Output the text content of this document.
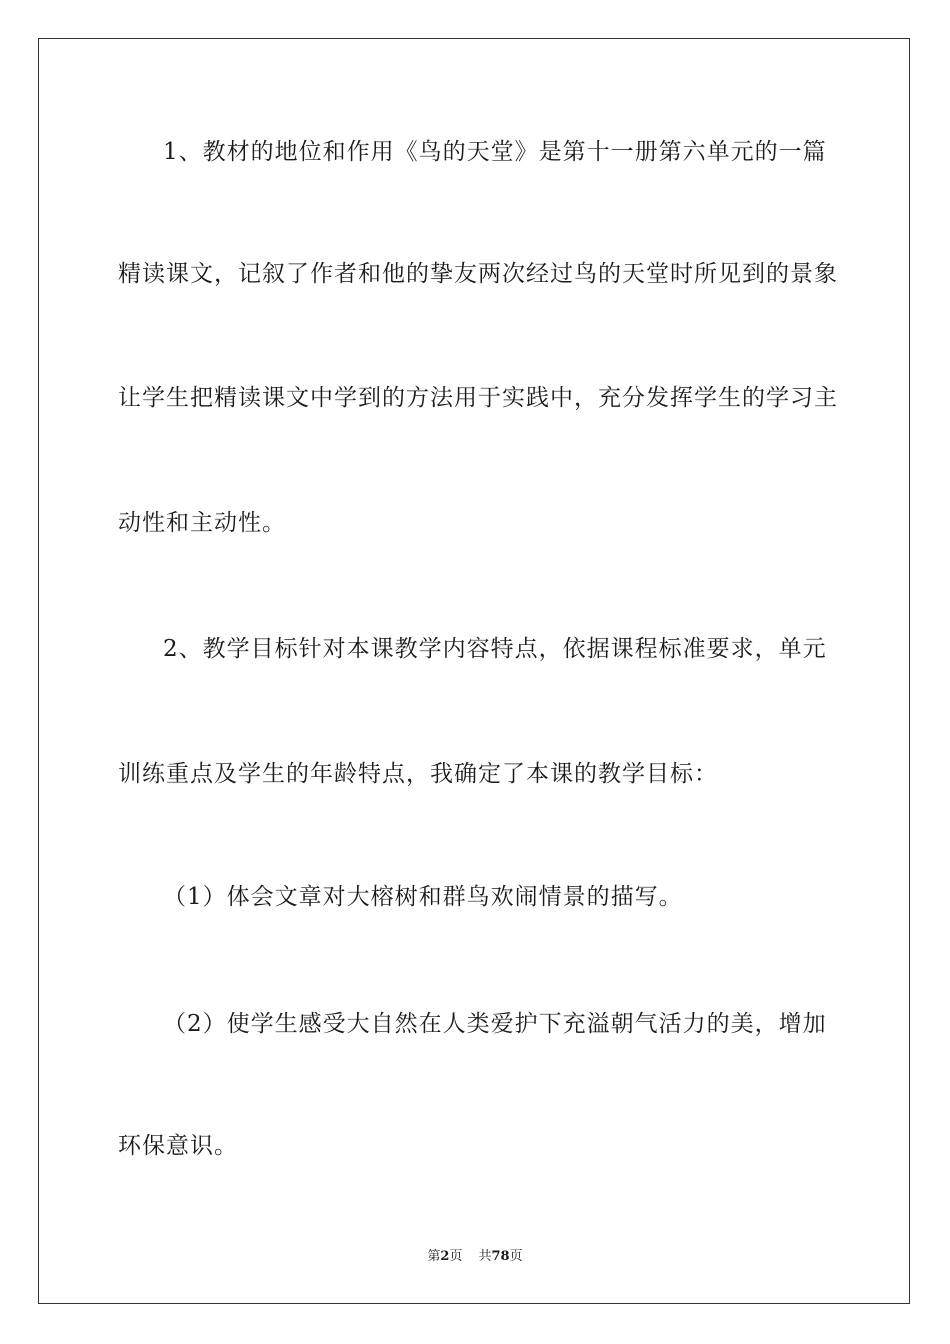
1、教材的地位和作用《鸟的天堂》是第十一册第六单元的一篇
精读课文，记叙了作者和他的挚友两次经过鸟的天堂时所见到的景象
让学生把精读课文中学到的方法用于实践中，充分发挥学生的学习主
动性和主动性。
2、教学目标针对本课教学内容特点，依据课程标准要求，单元
训练重点及学生的年龄特点，我确定了本课的教学目标：
（1）体会文章对大榕树和群鸟欢闹情景的描写。
（2）使学生感受大自然在人类爱护下充溢朝气活力的美，增加
环保意识。
第2页 共78页
